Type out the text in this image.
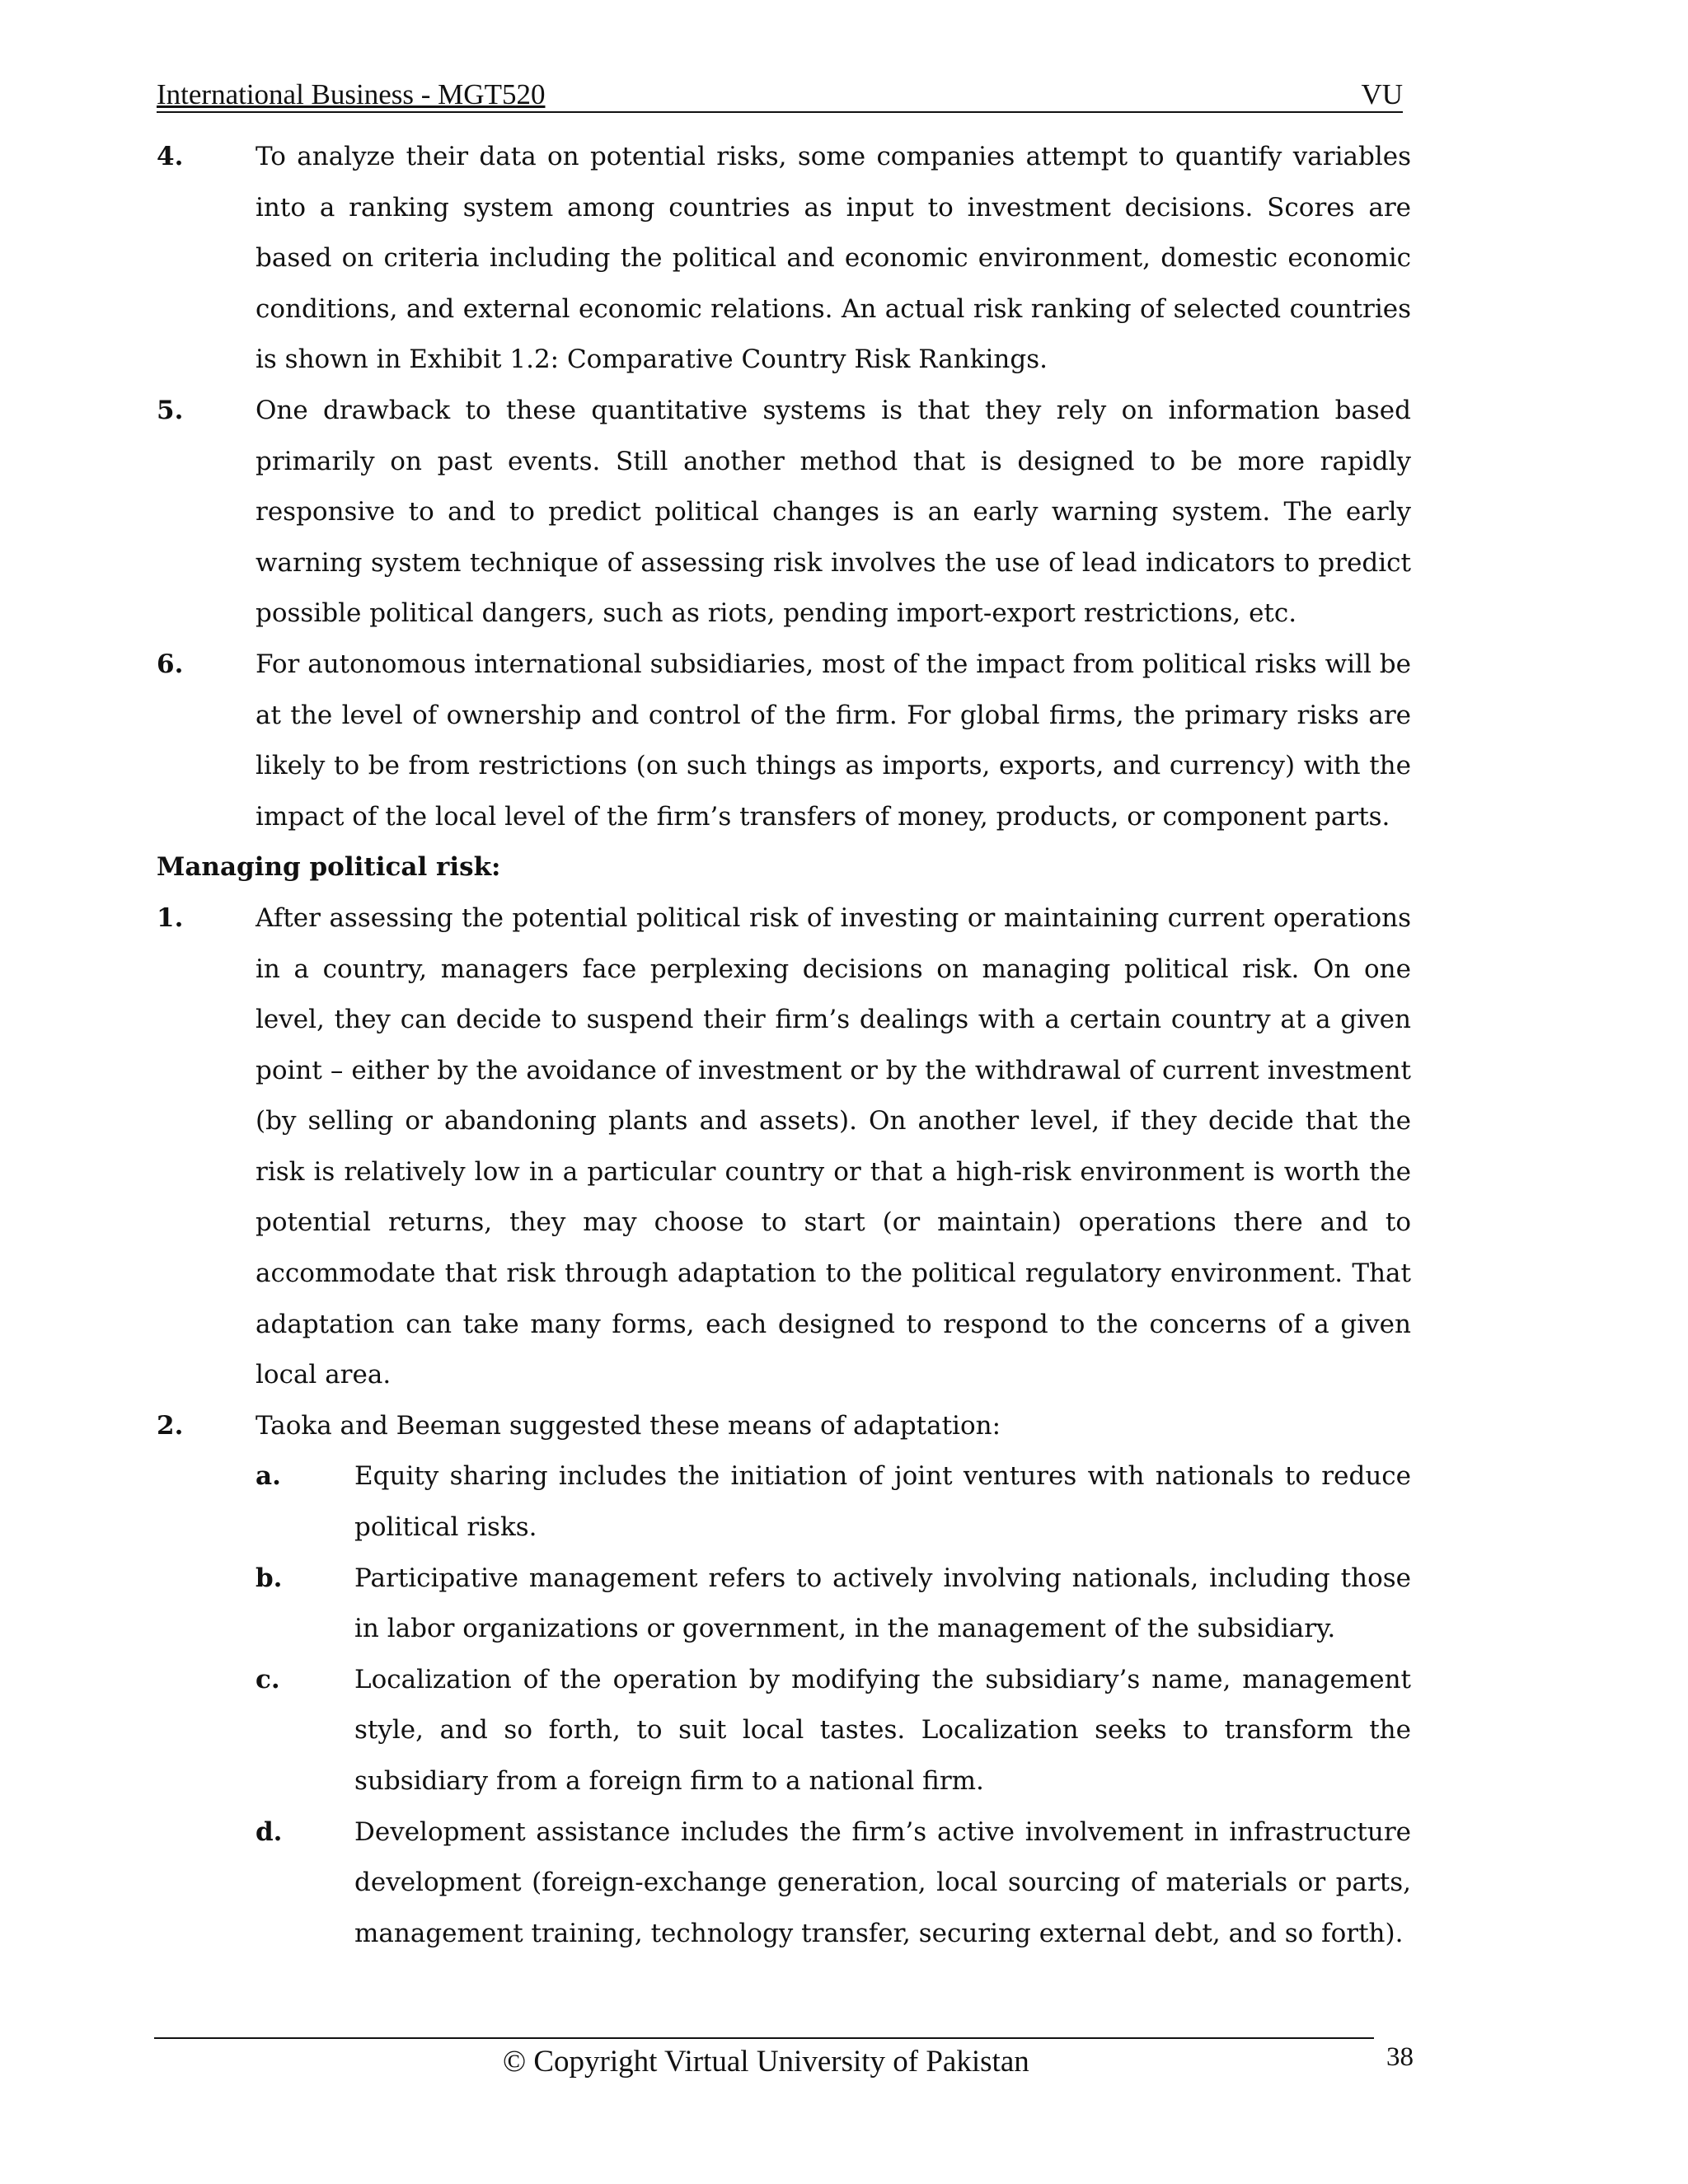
International Business - MGT520	VU
4.	To analyze their data on potential risks, some companies attempt to quantify variables into a ranking system among countries as input to investment decisions. Scores are based on criteria including the political and economic environment, domestic economic conditions, and external economic relations. An actual risk ranking of selected countries is shown in Exhibit 1.2: Comparative Country Risk Rankings.
5.	One drawback to these quantitative systems is that they rely on information based primarily on past events. Still another method that is designed to be more rapidly responsive to and to predict political changes is an early warning system. The early warning system technique of assessing risk involves the use of lead indicators to predict possible political dangers, such as riots, pending import-export restrictions, etc.
6.	For autonomous international subsidiaries, most of the impact from political risks will be at the level of ownership and control of the firm. For global firms, the primary risks are likely to be from restrictions (on such things as imports, exports, and currency) with the impact of the local level of the firm’s transfers of money, products, or component parts.
Managing political risk:
1.	After assessing the potential political risk of investing or maintaining current operations in a country, managers face perplexing decisions on managing political risk. On one level, they can decide to suspend their firm’s dealings with a certain country at a given point – either by the avoidance of investment or by the withdrawal of current investment (by selling or abandoning plants and assets). On another level, if they decide that the risk is relatively low in a particular country or that a high-risk environment is worth the potential returns, they may choose to start (or maintain) operations there and to accommodate that risk through adaptation to the political regulatory environment. That adaptation can take many forms, each designed to respond to the concerns of a given local area.
2.	Taoka and Beeman suggested these means of adaptation:
a.	Equity sharing includes the initiation of joint ventures with nationals to reduce political risks.
b.	Participative management refers to actively involving nationals, including those in labor organizations or government, in the management of the subsidiary.
c.	Localization of the operation by modifying the subsidiary’s name, management style, and so forth, to suit local tastes. Localization seeks to transform the subsidiary from a foreign firm to a national firm.
d.	Development assistance includes the firm’s active involvement in infrastructure development (foreign-exchange generation, local sourcing of materials or parts, management training, technology transfer, securing external debt, and so forth).
© Copyright Virtual University of Pakistan	38
